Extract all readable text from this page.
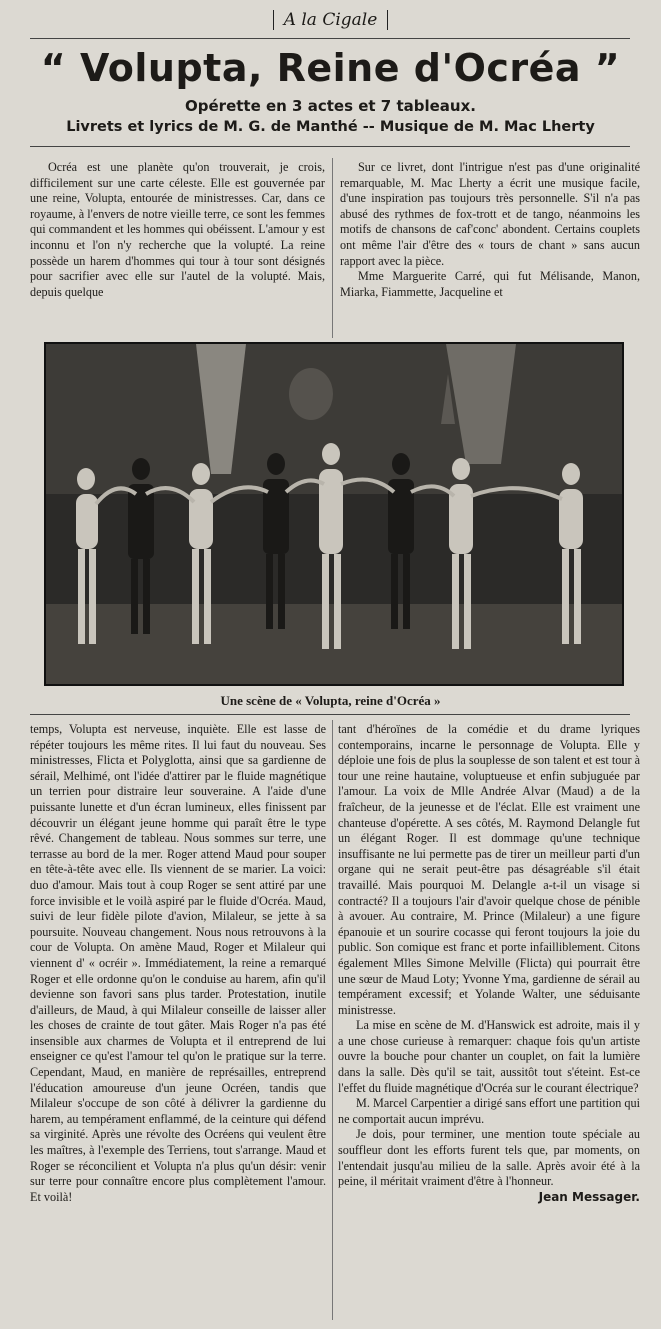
A la Cigale
“ Volupta, Reine d'Ocréa ”
Opérette en 3 actes et 7 tableaux.
Livrets et lyrics de M. G. de Manthé -- Musique de M. Mac Lherty

Ocréa est une planète qu'on trouverait, je crois, difficilement sur une carte céleste. Elle est gouvernée par une reine, Volupta, entourée de ministresses. Car, dans ce royaume, à l'envers de notre vieille terre, ce sont les femmes qui commandent et les hommes qui obéissent. L'amour y est inconnu et l'on n'y recherche que la volupté. La reine possède un harem d'hommes qui tour à tour sont désignés pour sacrifier avec elle sur l'autel de la volupté. Mais, depuis quelque

Sur ce livret, dont l'intrigue n'est pas d'une originalité remarquable, M. Mac Lherty a écrit une musique facile, d'une inspiration pas toujours très personnelle. S'il n'a pas abusé des rythmes de fox-trott et de tango, néanmoins les motifs de chansons de caf'conc' abondent. Certains couplets ont même l'air d'être des « tours de chant » sans aucun rapport avec la pièce.

Mme Marguerite Carré, qui fut Mélisande, Manon, Miarka, Fiammette, Jacqueline et

Une scène de « Volupta, reine d'Ocréa »

temps, Volupta est nerveuse, inquiète. Elle est lasse de répéter toujours les même rites. Il lui faut du nouveau. Ses ministresses, Flicta et Polyglotta, ainsi que sa gardienne de sérail, Melhimé, ont l'idée d'attirer par le fluide magnétique un terrien pour distraire leur souveraine. A l'aide d'une puissante lunette et d'un écran lumineux, elles finissent par découvrir un élégant jeune homme qui paraît être le type rêvé. Changement de tableau. Nous sommes sur terre, une terrasse au bord de la mer. Roger attend Maud pour souper en tête-à-tête avec elle. Ils viennent de se marier. La voici: duo d'amour. Mais tout à coup Roger se sent attiré par une force invisible et le voilà aspiré par le fluide d'Ocréa. Maud, suivi de leur fidèle pilote d'avion, Milaleur, se jette à sa poursuite. Nouveau changement. Nous nous retrouvons à la cour de Volupta. On amène Maud, Roger et Milaleur qui viennent d' « ocréir ». Immédiatement, la reine a remarqué Roger et elle ordonne qu'on le conduise au harem, afin qu'il devienne son favori sans plus tarder. Protestation, inutile d'ailleurs, de Maud, à qui Milaleur conseille de laisser aller les choses de crainte de tout gâter. Mais Roger n'a pas été insensible aux charmes de Volupta et il entreprend de lui enseigner ce qu'est l'amour tel qu'on le pratique sur la terre. Cependant, Maud, en manière de représailles, entreprend l'éducation amoureuse d'un jeune Ocréen, tandis que Milaleur s'occupe de son côté à délivrer la gardienne du harem, au tempérament enflammé, de la ceinture qui défend sa virginité. Après une révolte des Ocréens qui veulent être les maîtres, à l'exemple des Terriens, tout s'arrange. Maud et Roger se réconcilient et Volupta n'a plus qu'un désir: venir sur terre pour connaître encore plus complètement l'amour. Et voilà!

tant d'héroïnes de la comédie et du drame lyriques contemporains, incarne le personnage de Volupta. Elle y déploie une fois de plus la souplesse de son talent et est tour à tour une reine hautaine, voluptueuse et enfin subjuguée par l'amour. La voix de Mlle Andrée Alvar (Maud) a de la fraîcheur, de la jeunesse et de l'éclat. Elle est vraiment une chanteuse d'opérette. A ses côtés, M. Raymond Delangle fut un élégant Roger. Il est dommage qu'une technique insuffisante ne lui permette pas de tirer un meilleur parti d'un organe qui ne serait peut-être pas désagréable s'il était travaillé. Mais pourquoi M. Delangle a-t-il un visage si contracté? Il a toujours l'air d'avoir quelque chose de pénible à avouer. Au contraire, M. Prince (Milaleur) a une figure épanouie et un sourire cocasse qui feront toujours la joie du public. Son comique est franc et porte infailliblement. Citons également Mlles Simone Melville (Flicta) qui pourrait être une sœur de Maud Loty; Yvonne Yma, gardienne de sérail au tempérament excessif; et Yolande Walter, une séduisante ministresse.

La mise en scène de M. d'Hanswick est adroite, mais il y a une chose curieuse à remarquer: chaque fois qu'un artiste ouvre la bouche pour chanter un couplet, on fait la lumière dans la salle. Dès qu'il se tait, aussitôt tout s'éteint. Est-ce l'effet du fluide magnétique d'Ocréa sur le courant électrique?

M. Marcel Carpentier a dirigé sans effort une partition qui ne comportait aucun imprévu.

Je dois, pour terminer, une mention toute spéciale au souffleur dont les efforts furent tels que, par moments, on l'entendait jusqu'au milieu de la salle. Après avoir été à la peine, il méritait vraiment d'être à l'honneur.

Jean Messager.
